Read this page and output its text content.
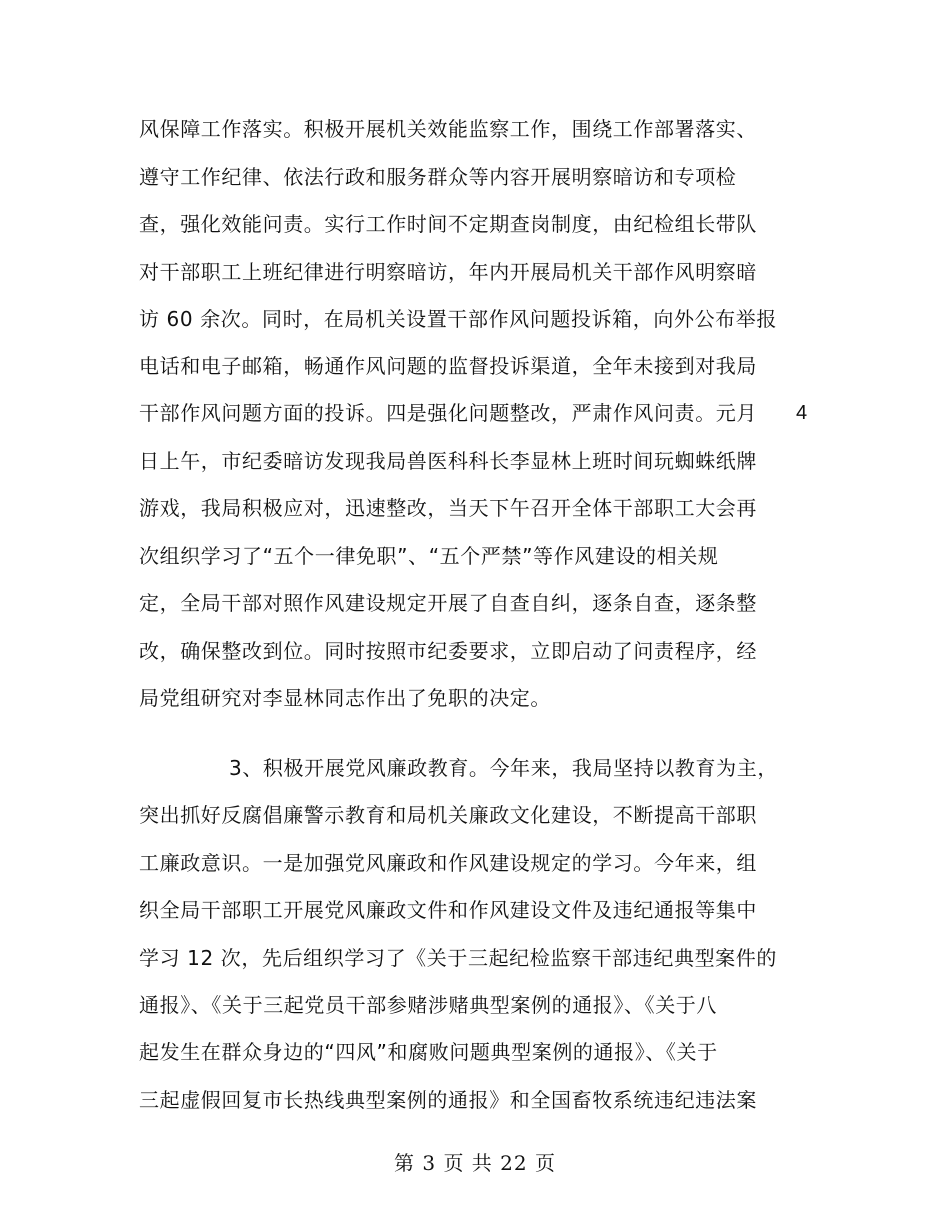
风保障工作落实。积极开展机关效能监察工作，围绕工作部署落实、
遵守工作纪律、依法行政和服务群众等内容开展明察暗访和专项检
查，强化效能问责。实行工作时间不定期查岗制度，由纪检组长带队
对干部职工上班纪律进行明察暗访，年内开展局机关干部作风明察暗
访 60 余次。同时，在局机关设置干部作风问题投诉箱，向外公布举报
电话和电子邮箱，畅通作风问题的监督投诉渠道，全年未接到对我局
干部作风问题方面的投诉。四是强化问题整改，严肃作风问责。元月
日上午，市纪委暗访发现我局兽医科科长李显林上班时间玩蜘蛛纸牌
游戏，我局积极应对，迅速整改，当天下午召开全体干部职工大会再
次组织学习了“五个一律免职”、“五个严禁”等作风建设的相关规
定，全局干部对照作风建设规定开展了自查自纠，逐条自查，逐条整
改，确保整改到位。同时按照市纪委要求，立即启动了问责程序，经
局党组研究对李显林同志作出了免职的决定。
4
3、积极开展党风廉政教育。今年来，我局坚持以教育为主，
突出抓好反腐倡廉警示教育和局机关廉政文化建设，不断提高干部职
工廉政意识。一是加强党风廉政和作风建设规定的学习。今年来，组
织全局干部职工开展党风廉政文件和作风建设文件及违纪通报等集中
学习 12 次，先后组织学习了《关于三起纪检监察干部违纪典型案件的
通报》、《关于三起党员干部参赌涉赌典型案例的通报》、《关于八
起发生在群众身边的“四风”和腐败问题典型案例的通报》、《关于
三起虚假回复市长热线典型案例的通报》和全国畜牧系统违纪违法案
第 3 页 共 22 页
